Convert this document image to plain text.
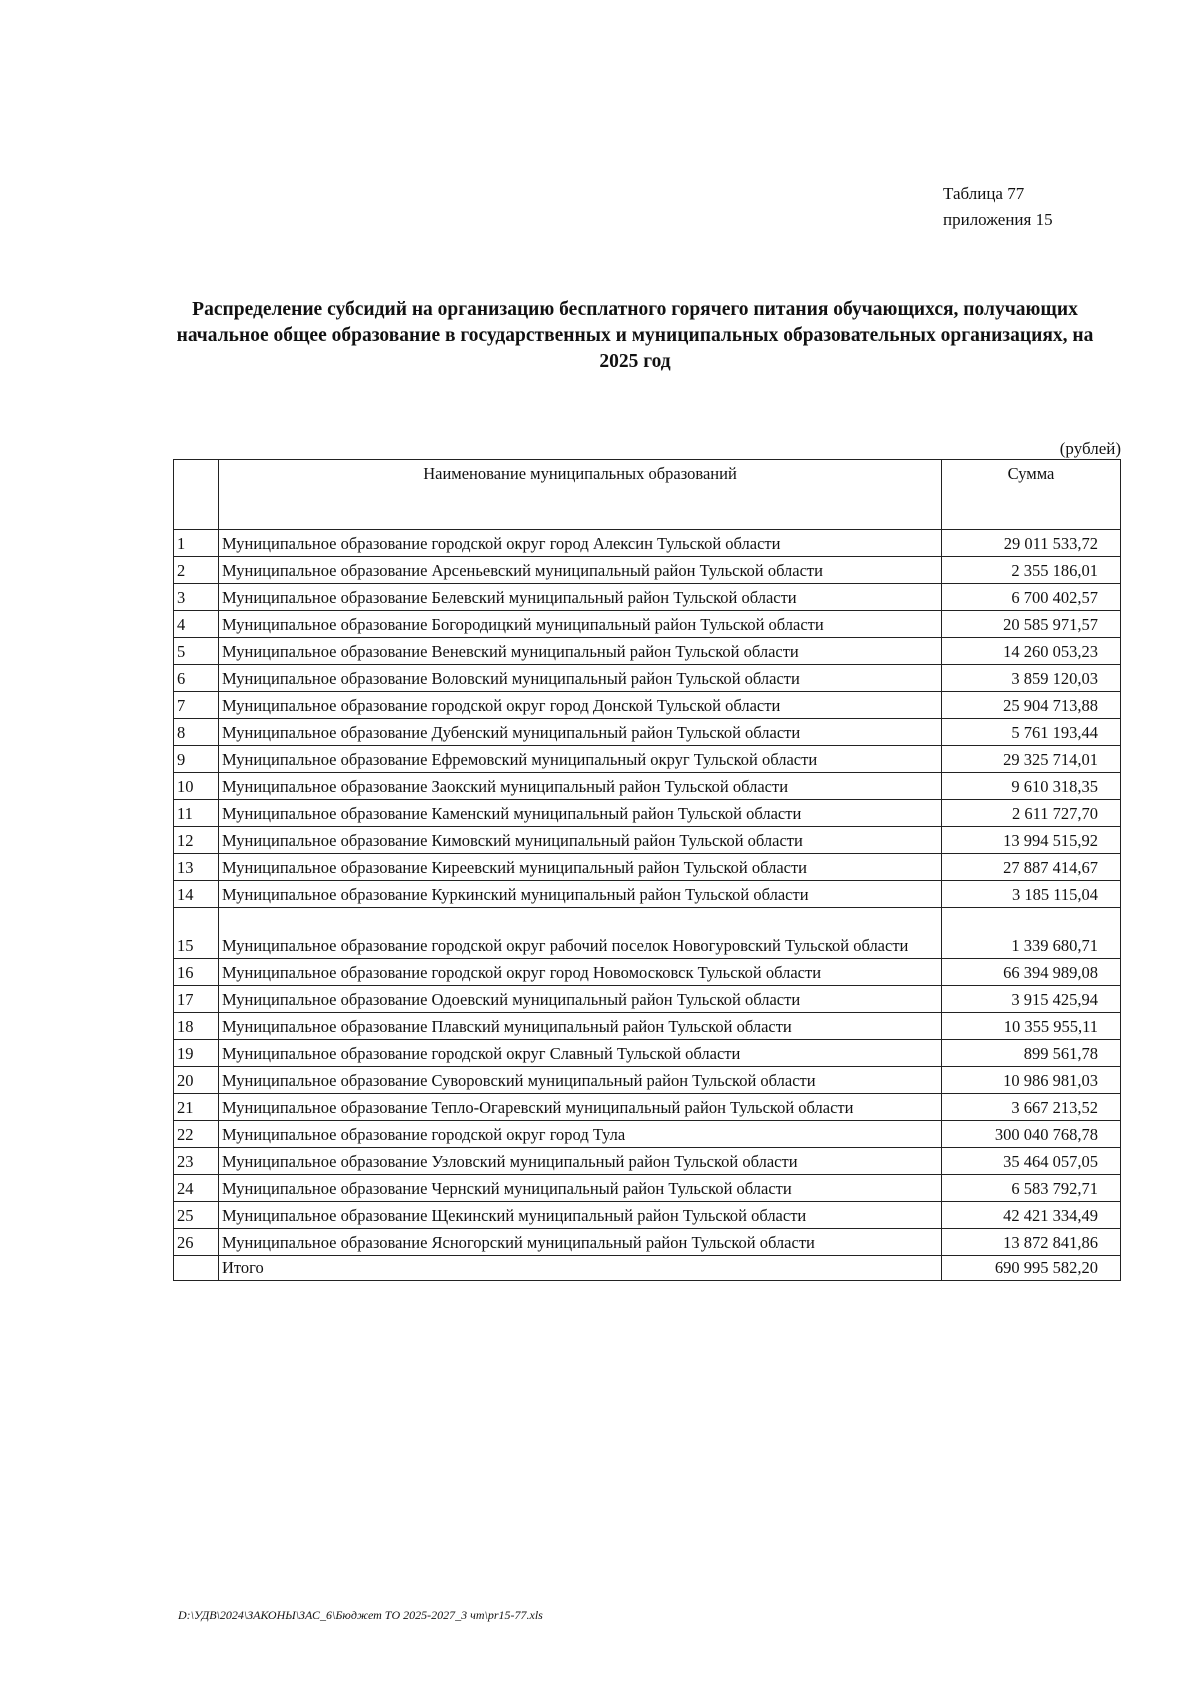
Таблица 77
приложения 15
Распределение субсидий на организацию бесплатного горячего питания обучающихся, получающих начальное общее образование в государственных и муниципальных образовательных организациях, на 2025 год
(рублей)
	Наименование муниципальных образований	Сумма
1	Муниципальное образование городской округ город Алексин Тульской области	29 011 533,72
2	Муниципальное образование Арсеньевский муниципальный район Тульской области	2 355 186,01
3	Муниципальное образование Белевский муниципальный район Тульской области	6 700 402,57
4	Муниципальное образование Богородицкий муниципальный район Тульской области	20 585 971,57
5	Муниципальное образование Веневский муниципальный район Тульской области	14 260 053,23
6	Муниципальное образование Воловский муниципальный район Тульской области	3 859 120,03
7	Муниципальное образование городской округ город Донской Тульской области	25 904 713,88
8	Муниципальное образование Дубенский муниципальный район Тульской области	5 761 193,44
9	Муниципальное образование Ефремовский муниципальный округ Тульской области	29 325 714,01
10	Муниципальное образование Заокский муниципальный район Тульской области	9 610 318,35
11	Муниципальное образование Каменский муниципальный район Тульской области	2 611 727,70
12	Муниципальное образование Кимовский муниципальный район Тульской области	13 994 515,92
13	Муниципальное образование Киреевский муниципальный район Тульской области	27 887 414,67
14	Муниципальное образование Куркинский муниципальный район Тульской области	3 185 115,04
15	Муниципальное образование городской округ рабочий поселок Новогуровский Тульской области	1 339 680,71
16	Муниципальное образование городской округ город Новомосковск Тульской области	66 394 989,08
17	Муниципальное образование Одоевский муниципальный район Тульской области	3 915 425,94
18	Муниципальное образование Плавский муниципальный район Тульской области	10 355 955,11
19	Муниципальное образование городской округ Славный Тульской области	899 561,78
20	Муниципальное образование Суворовский муниципальный район Тульской области	10 986 981,03
21	Муниципальное образование Тепло-Огаревский муниципальный район Тульской области	3 667 213,52
22	Муниципальное образование городской округ город Тула	300 040 768,78
23	Муниципальное образование Узловский муниципальный район Тульской области	35 464 057,05
24	Муниципальное образование Чернский муниципальный район Тульской области	6 583 792,71
25	Муниципальное образование Щекинский муниципальный район Тульской области	42 421 334,49
26	Муниципальное образование Ясногорский муниципальный район Тульской области	13 872 841,86
	Итого	690 995 582,20
D:\УДВ\2024\ЗАКОНЫ\ЗАС_6\Бюджет ТО 2025-2027_3 чт\pr15-77.xls
